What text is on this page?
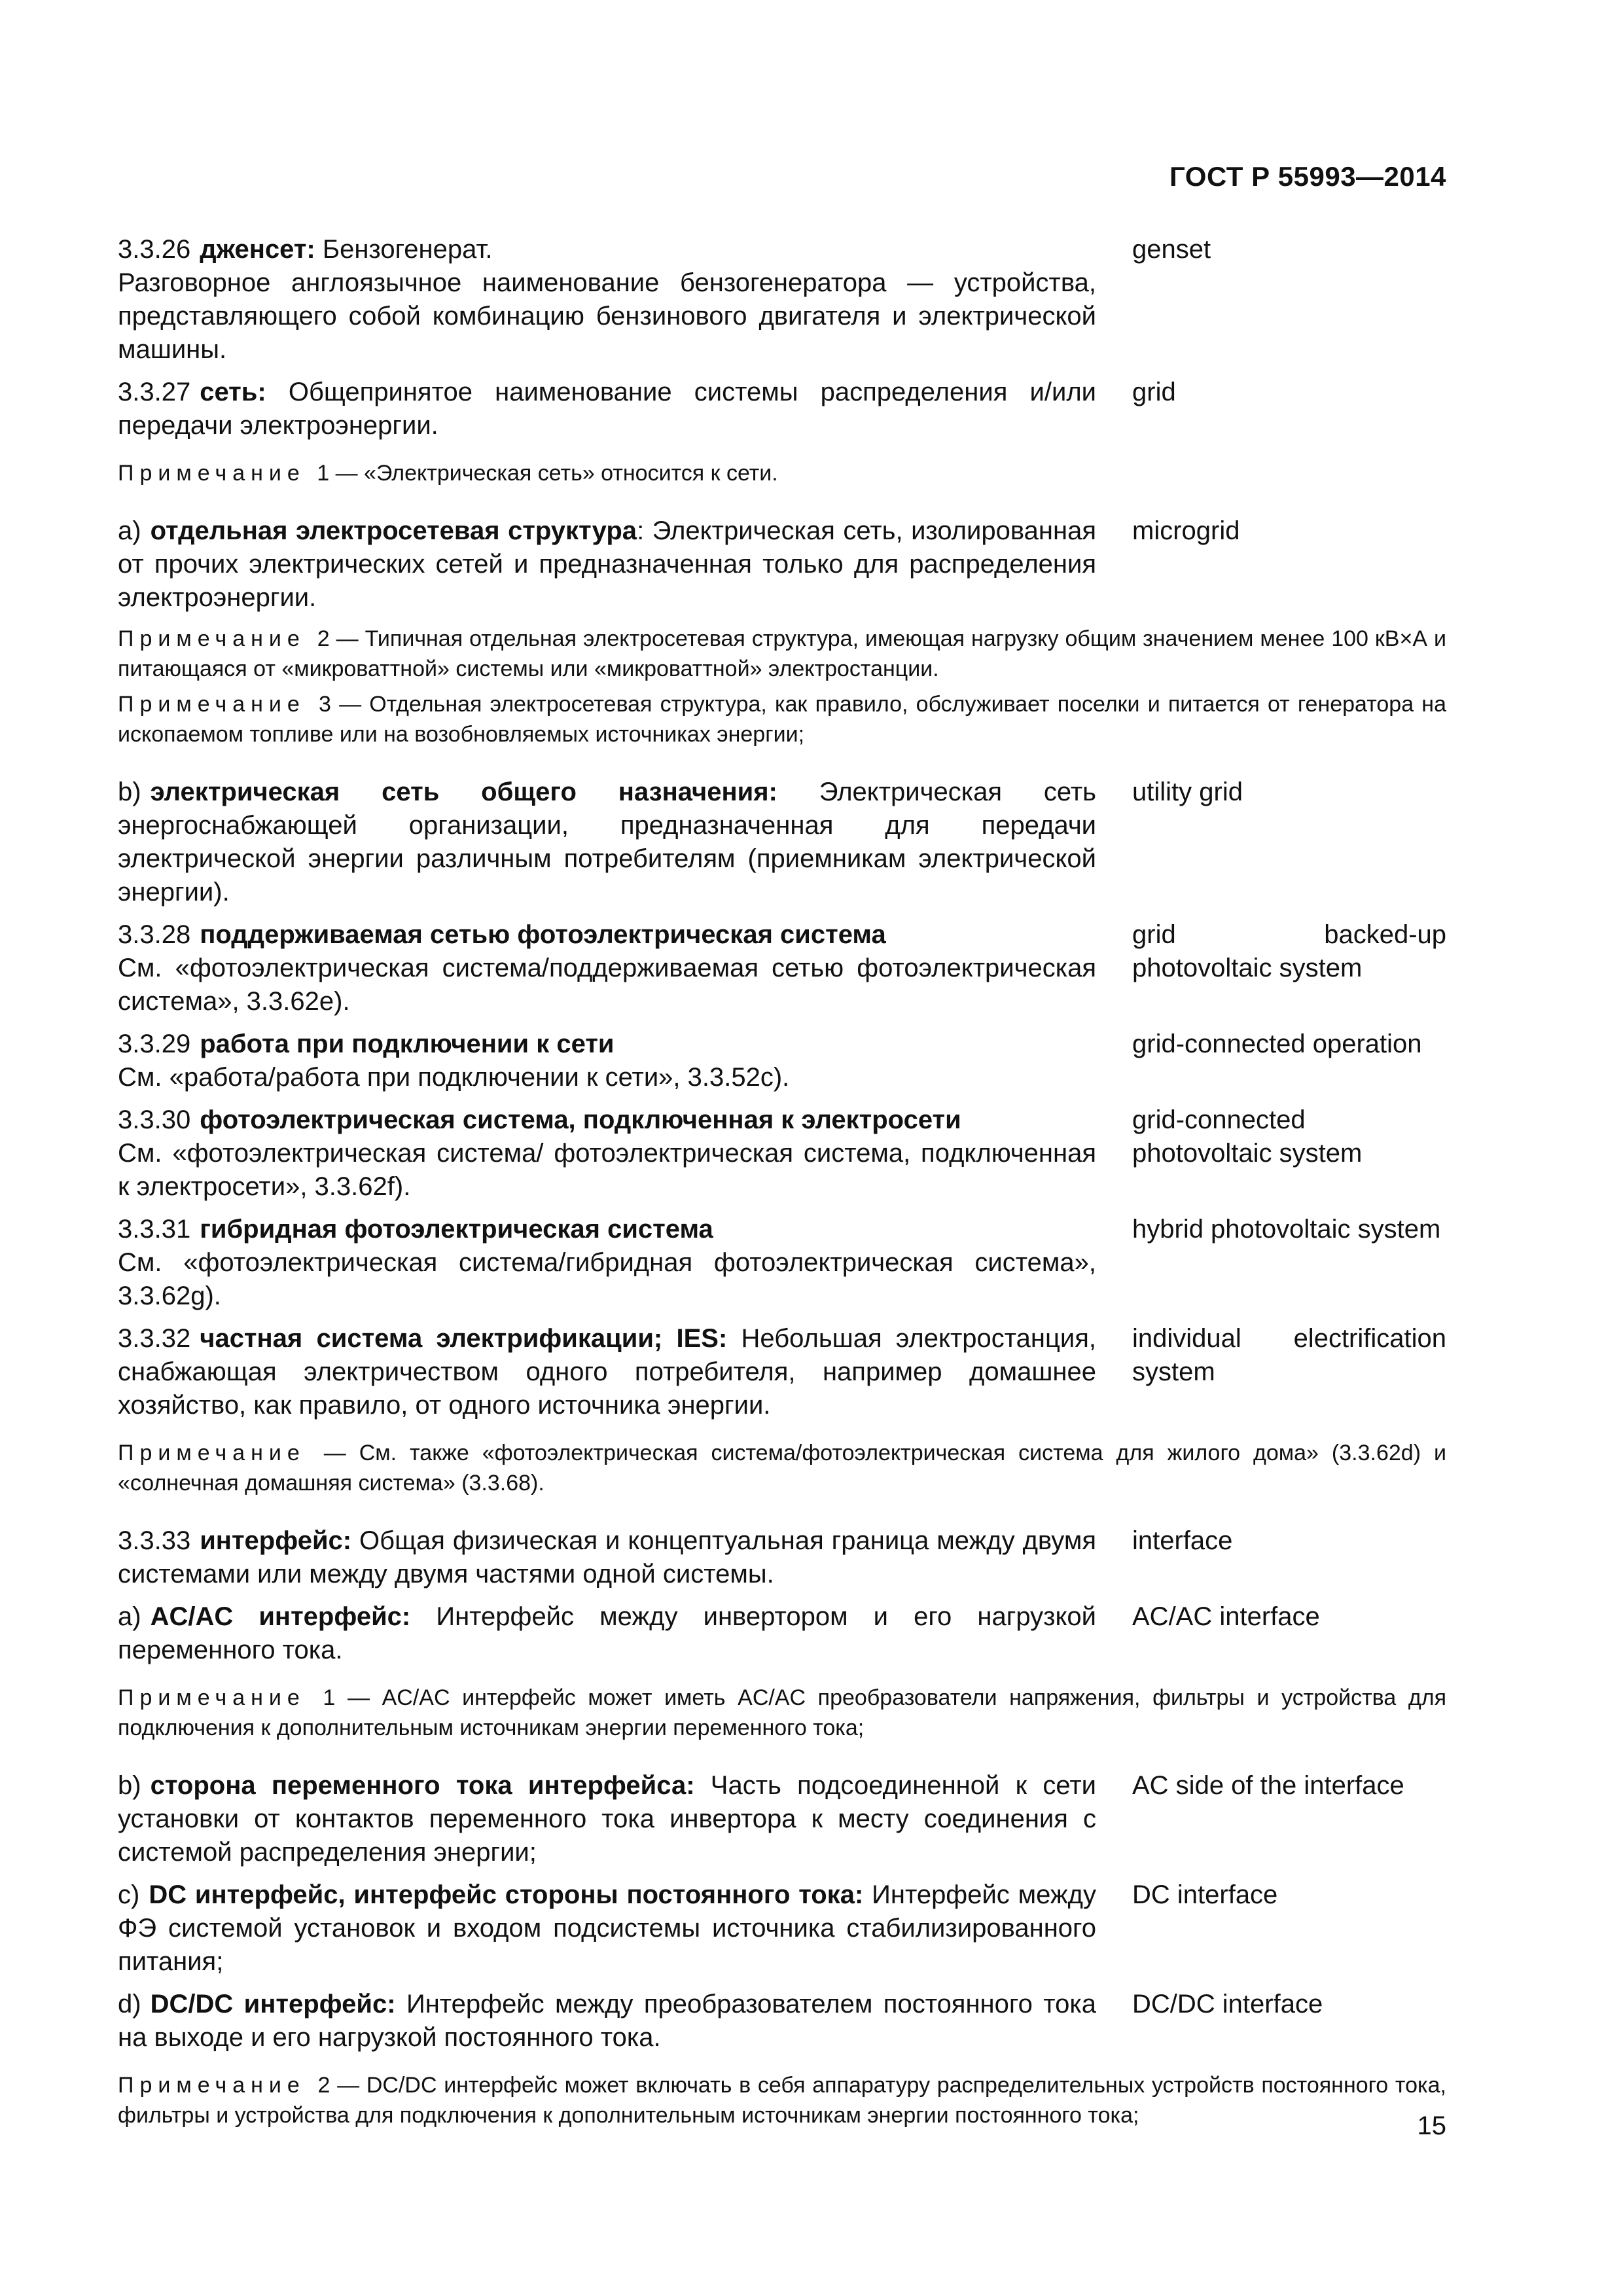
ГОСТ Р 55993—2014
3.3.26 дженсет: Бензогенерат.
Разговорное англоязычное наименование бензогенератора — устройства, представляющего собой комбинацию бензинового двигателя и электрической машины.
genset
3.3.27 сеть: Общепринятое наименование системы распределения и/или передачи электроэнергии.
grid
Примечание 1 — «Электрическая сеть» относится к сети.
а) отдельная электросетевая структура: Электрическая сеть, изолированная от прочих электрических сетей и предназначенная только для распределения электроэнергии.
microgrid
Примечание 2 — Типичная отдельная электросетевая структура, имеющая нагрузку общим значением менее 100 кВ×А и питающаяся от «микроваттной» системы или «микроваттной» электростанции.
Примечание 3 — Отдельная электросетевая структура, как правило, обслуживает поселки и питается от генератора на ископаемом топливе или на возобновляемых источниках энергии;
b) электрическая сеть общего назначения: Электрическая сеть энергоснабжающей организации, предназначенная для передачи электрической энергии различным потребителям (приемникам электрической энергии).
utility grid
3.3.28 поддерживаемая сетью фотоэлектрическая система
См. «фотоэлектрическая система/поддерживаемая сетью фотоэлектрическая система», 3.3.62е).
grid backed-up photovoltaic system
3.3.29 работа при подключении к сети
См. «работа/работа при подключении к сети», 3.3.52с).
grid-connected operation
3.3.30 фотоэлектрическая система, подключенная к электросети
См. «фотоэлектрическая система/ фотоэлектрическая система, подключенная к электросети», 3.3.62f).
grid-connected photovoltaic system
3.3.31 гибридная фотоэлектрическая система
См. «фотоэлектрическая система/гибридная фотоэлектрическая система», 3.3.62g).
hybrid photovoltaic system
3.3.32 частная система электрификации; IES: Небольшая электростанция, снабжающая электричеством одного потребителя, например домашнее хозяйство, как правило, от одного источника энергии.
individual electrification system
Примечание — См. также «фотоэлектрическая система/фотоэлектрическая система для жилого дома» (3.3.62d) и «солнечная домашняя система» (3.3.68).
3.3.33 интерфейс: Общая физическая и концептуальная граница между двумя системами или между двумя частями одной системы.
interface
а) AC/AC интерфейс: Интерфейс между инвертором и его нагрузкой переменного тока.
AC/AC interface
Примечание 1 — AC/AC интерфейс может иметь AC/AC преобразователи напряжения, фильтры и устройства для подключения к дополнительным источникам энергии переменного тока;
b) сторона переменного тока интерфейса: Часть подсоединенной к сети установки от контактов переменного тока инвертора к месту соединения с системой распределения энергии;
AC side of the interface
с) DC интерфейс, интерфейс стороны постоянного тока: Интерфейс между ФЭ системой установок и входом подсистемы источника стабилизированного питания;
DC interface
d) DC/DC интерфейс: Интерфейс между преобразователем постоянного тока на выходе и его нагрузкой постоянного тока.
DC/DC interface
Примечание 2 — DC/DC интерфейс может включать в себя аппаратуру распределительных устройств постоянного тока, фильтры и устройства для подключения к дополнительным источникам энергии постоянного тока;	15
